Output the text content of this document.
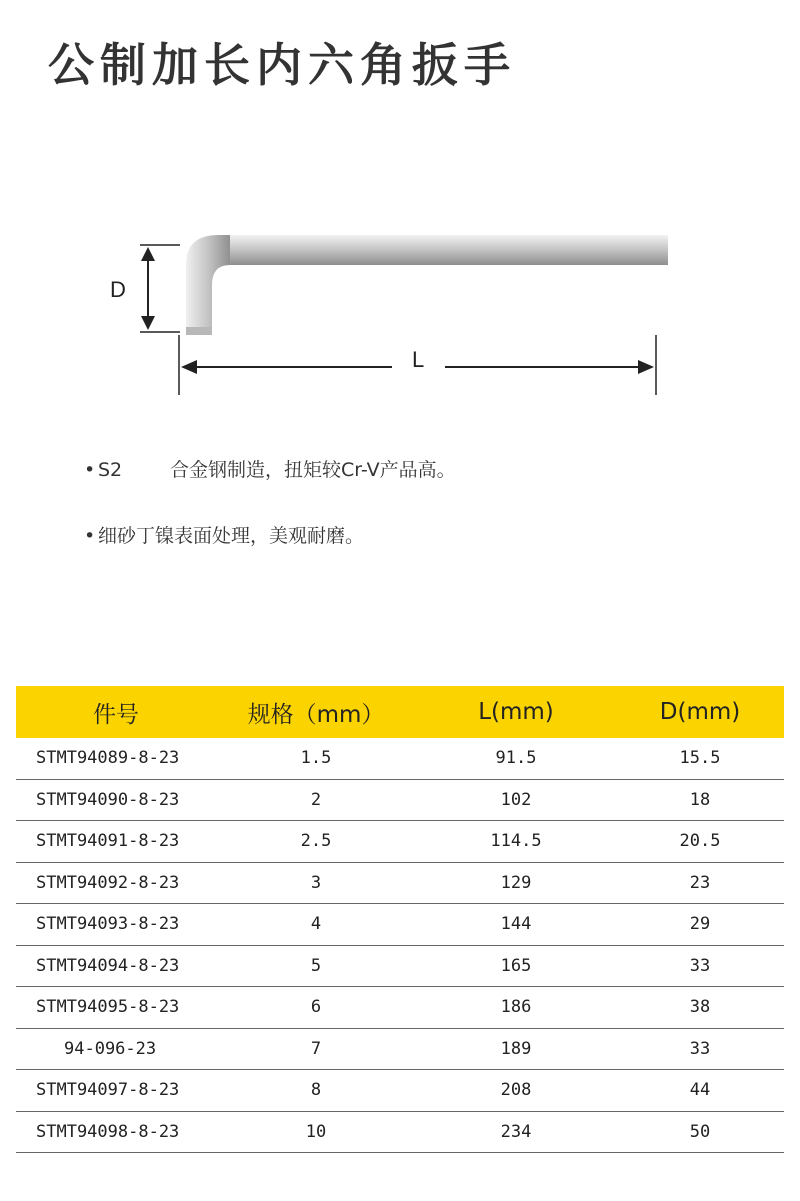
公制加长内六角扳手
D
L
• S2	合金钢制造，扭矩较Cr-V产品高。
• 细砂丁镍表面处理，美观耐磨。
件号	规格（mm）	L(mm)	D(mm)
STMT94089-8-23	1.5	91.5	15.5
STMT94090-8-23	2	102	18
STMT94091-8-23	2.5	114.5	20.5
STMT94092-8-23	3	129	23
STMT94093-8-23	4	144	29
STMT94094-8-23	5	165	33
STMT94095-8-23	6	186	38
94-096-23	7	189	33
STMT94097-8-23	8	208	44
STMT94098-8-23	10	234	50
